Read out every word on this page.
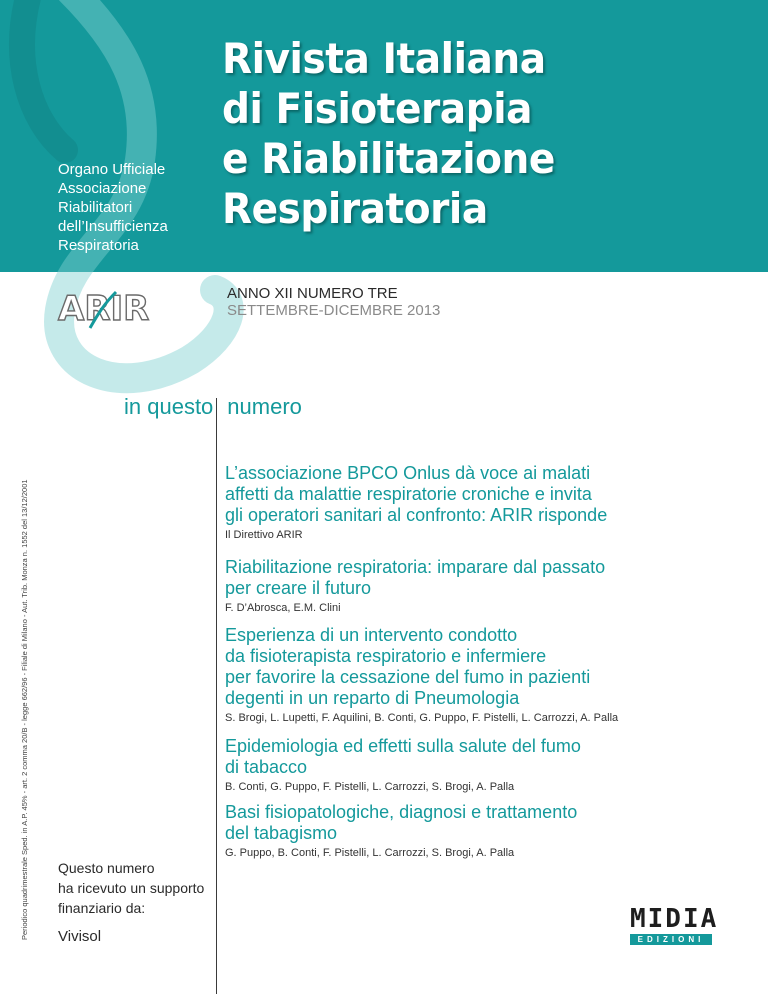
Rivista Italiana
di Fisioterapia
e Riabilitazione
Respiratoria
Organo Ufficiale
Associazione
Riabilitatori
dell’Insufficienza
Respiratoria
ARIR	ANNO XII NUMERO TRE
SETTEMBRE-DICEMBRE 2013
in questo numero
Periodico quadrimestrale Sped. in A.P. 45% - art. 2 comma 20/B - legge 662/96 - Filiale di Milano - Aut. Trib. Monza n. 1552 del 13/12/2001
L’associazione BPCO Onlus dà voce ai malati
affetti da malattie respiratorie croniche e invita
gli operatori sanitari al confronto: ARIR risponde
Il Direttivo ARIR
Riabilitazione respiratoria: imparare dal passato
per creare il futuro
F. D’Abrosca, E.M. Clini
Esperienza di un intervento condotto
da fisioterapista respiratorio e infermiere
per favorire la cessazione del fumo in pazienti
degenti in un reparto di Pneumologia
S. Brogi, L. Lupetti, F. Aquilini, B. Conti, G. Puppo, F. Pistelli, L. Carrozzi, A. Palla
Epidemiologia ed effetti sulla salute del fumo
di tabacco
B. Conti, G. Puppo, F. Pistelli, L. Carrozzi, S. Brogi, A. Palla
Basi fisiopatologiche, diagnosi e trattamento
del tabagismo
G. Puppo, B. Conti, F. Pistelli, L. Carrozzi, S. Brogi, A. Palla
Questo numero
ha ricevuto un supporto
finanziario da:
Vivisol
MIDIA
EDIZIONI
